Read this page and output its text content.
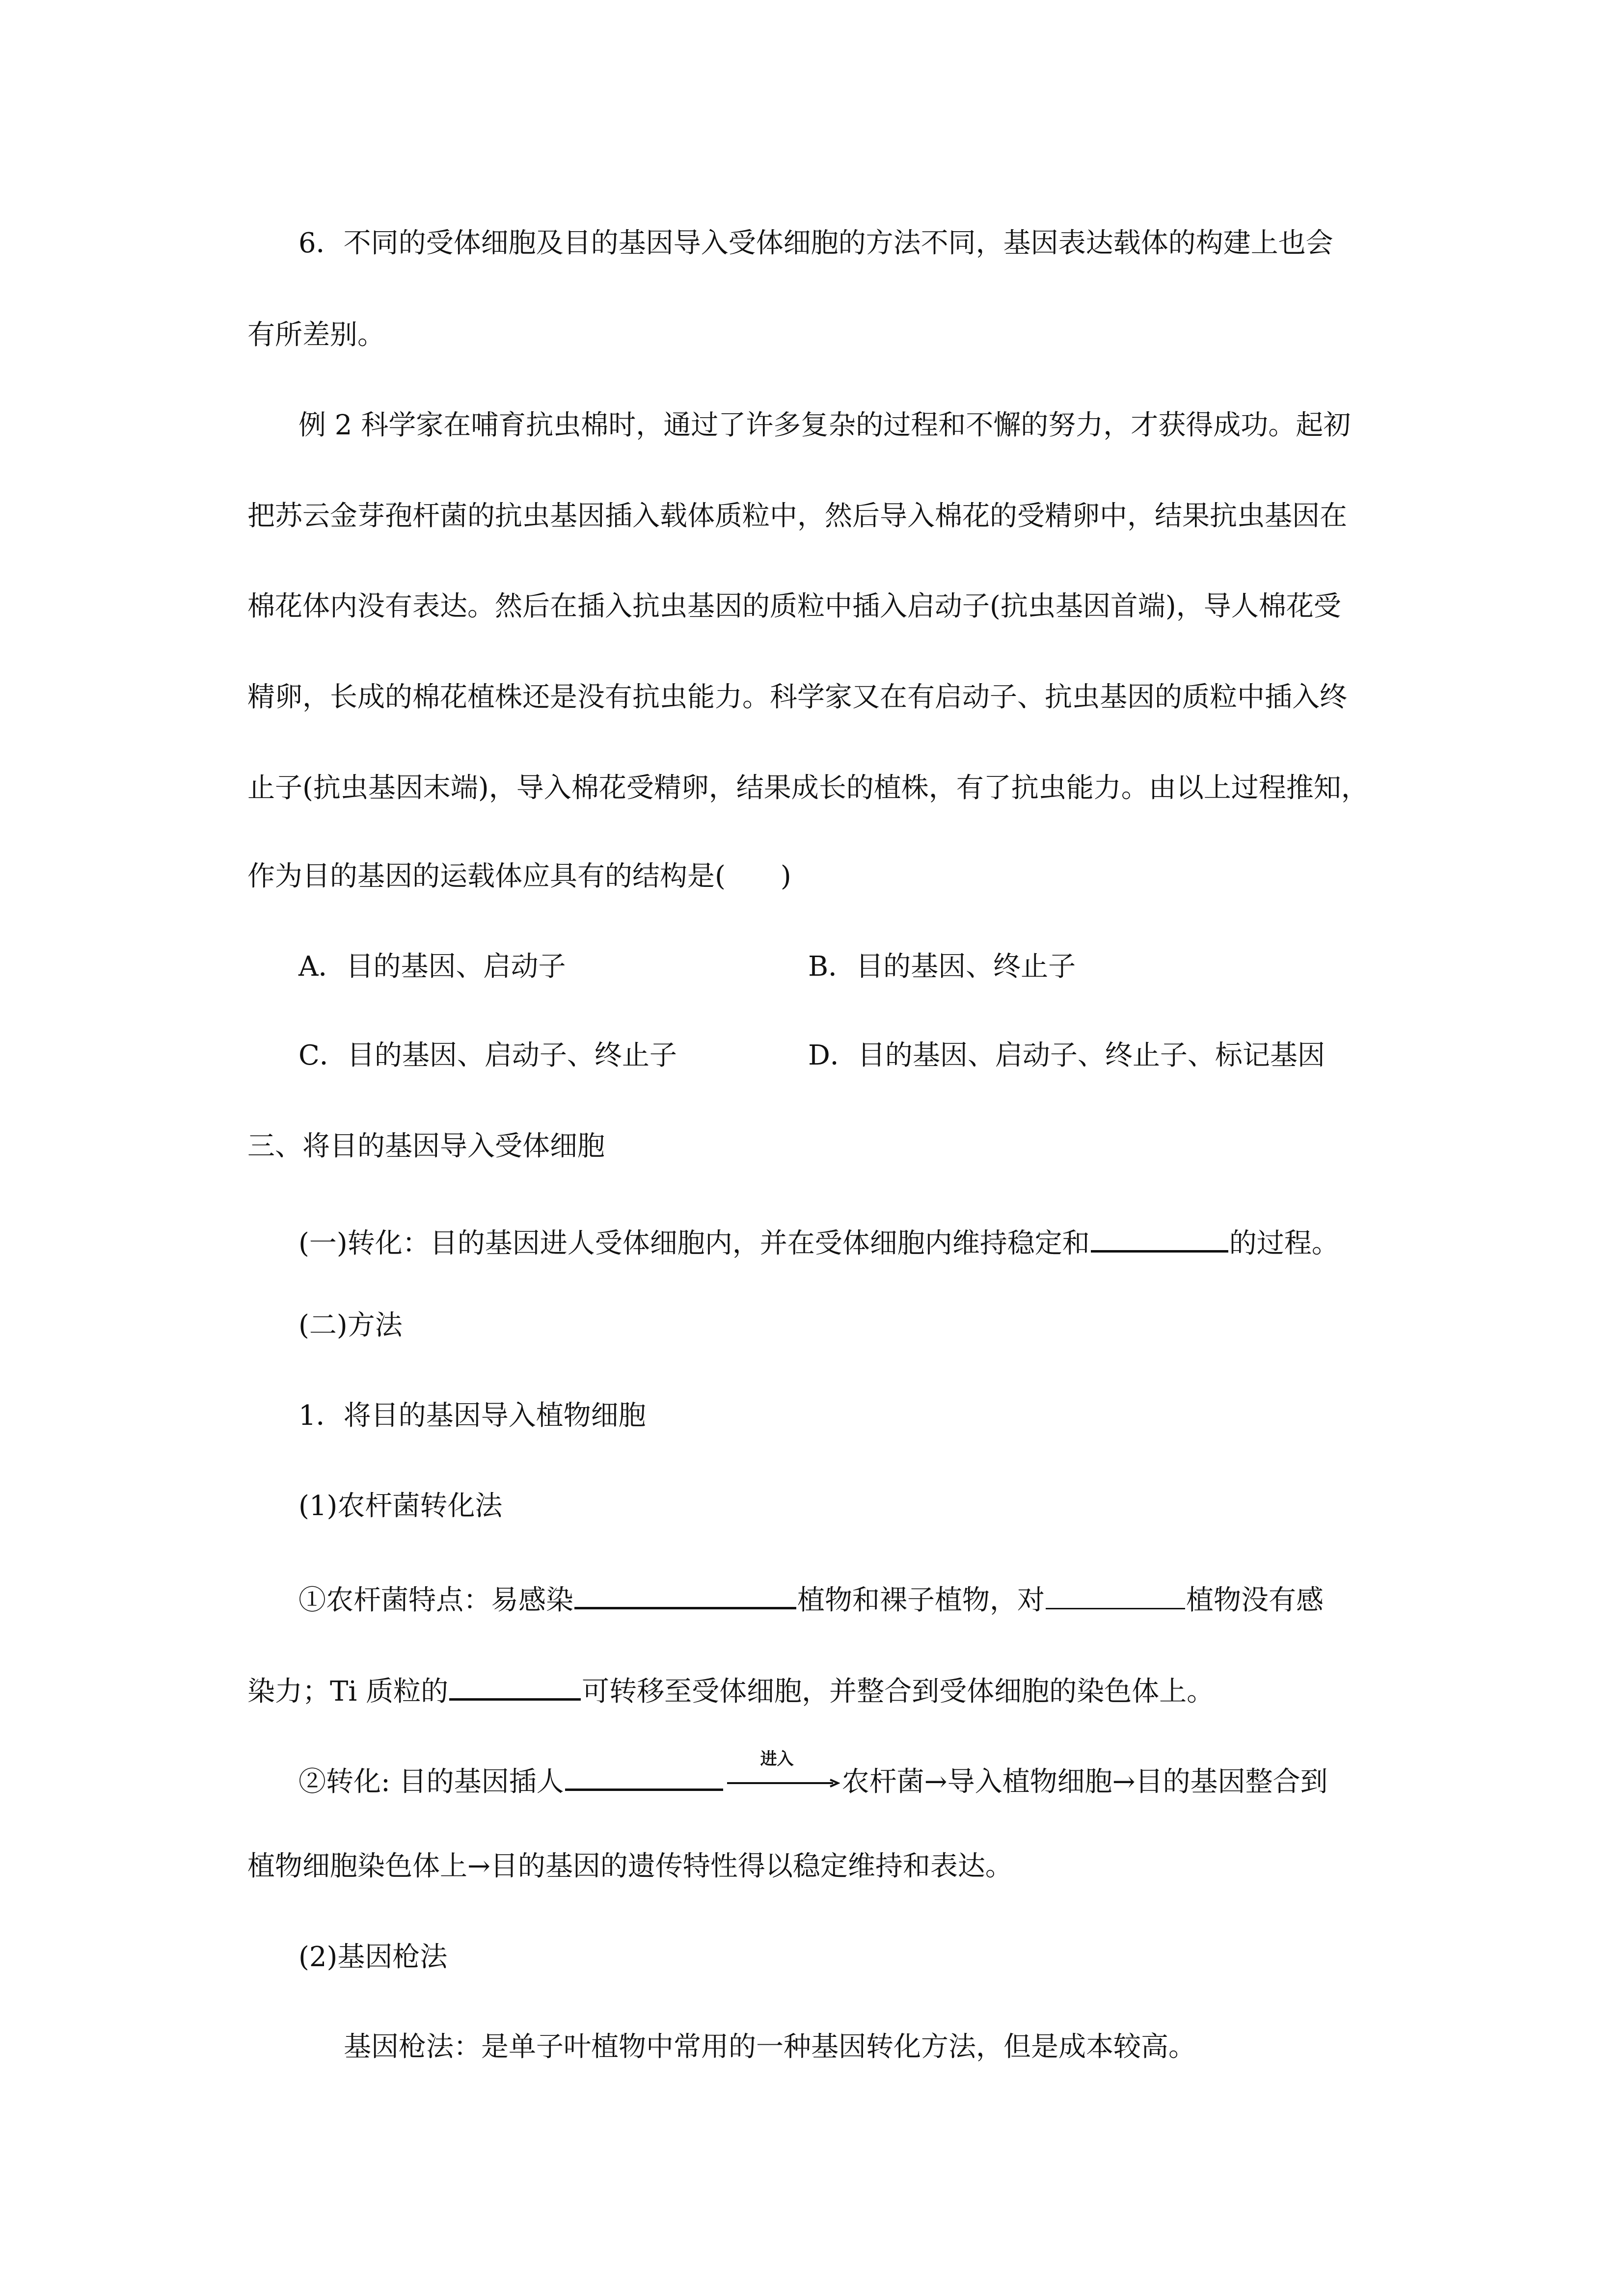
6．不同的受体细胞及目的基因导入受体细胞的方法不同，基因表达载体的构建上也会
有所差别。
例 2 科学家在哺育抗虫棉时，通过了许多复杂的过程和不懈的努力，才获得成功。起初
把苏云金芽孢杆菌的抗虫基因插入载体质粒中，然后导入棉花的受精卵中，结果抗虫基因在
棉花体内没有表达。然后在插入抗虫基因的质粒中插入启动子(抗虫基因首端)，导人棉花受
精卵，长成的棉花植株还是没有抗虫能力。科学家又在有启动子、抗虫基因的质粒中插入终
止子(抗虫基因末端)，导入棉花受精卵，结果成长的植株，有了抗虫能力。由以上过程推知，
作为目的基因的运载体应具有的结构是(　　)
A．目的基因、启动子	B．目的基因、终止子
C．目的基因、启动子、终止子	D．目的基因、启动子、终止子、标记基因
三、将目的基因导入受体细胞
(一)转化：目的基因进人受体细胞内，并在受体细胞内维持稳定和	的过程。
(二)方法
1．将目的基因导入植物细胞
(1)农杆菌转化法
①农杆菌特点：易感染	植物和裸子植物，对	植物没有感
染力；Ti 质粒的	可转移至受体细胞，并整合到受体细胞的染色体上。
②转化: 目的基因插人
进入
农杆菌→导入植物细胞→目的基因整合到
植物细胞染色体上→目的基因的遗传特性得以稳定维持和表达。
(2)基因枪法
基因枪法：是单子叶植物中常用的一种基因转化方法，但是成本较高。
